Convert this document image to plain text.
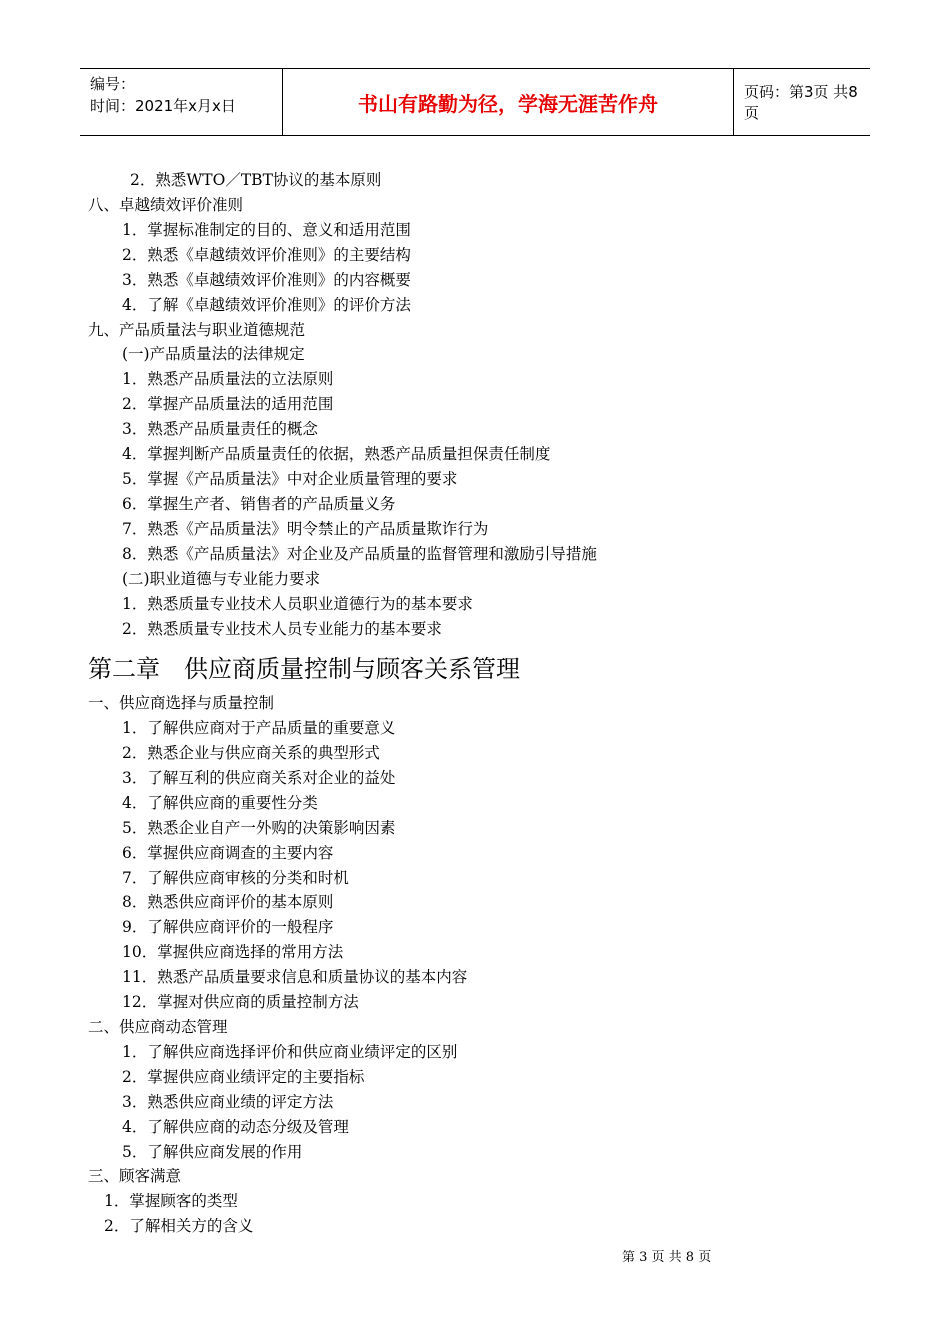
编号：
时间：2021年x月x日	书山有路勤为径，学海无涯苦作舟	页码：第3页 共8页
2．熟悉WTO／TBT协议的基本原则
八、卓越绩效评价准则
1．掌握标准制定的目的、意义和适用范围
2．熟悉《卓越绩效评价准则》的主要结构
3．熟悉《卓越绩效评价准则》的内容概要
4．了解《卓越绩效评价准则》的评价方法
九、产品质量法与职业道德规范
(一)产品质量法的法律规定
1．熟悉产品质量法的立法原则
2．掌握产品质量法的适用范围
3．熟悉产品质量责任的概念
4．掌握判断产品质量责任的依据，熟悉产品质量担保责任制度
5．掌握《产品质量法》中对企业质量管理的要求
6．掌握生产者、销售者的产品质量义务
7．熟悉《产品质量法》明令禁止的产品质量欺诈行为
8．熟悉《产品质量法》对企业及产品质量的监督管理和激励引导措施
(二)职业道德与专业能力要求
1．熟悉质量专业技术人员职业道德行为的基本要求
2．熟悉质量专业技术人员专业能力的基本要求
第二章　供应商质量控制与顾客关系管理
一、供应商选择与质量控制
1．了解供应商对于产品质量的重要意义
2．熟悉企业与供应商关系的典型形式
3．了解互利的供应商关系对企业的益处
4．了解供应商的重要性分类
5．熟悉企业自产一外购的决策影响因素
6．掌握供应商调查的主要内容
7．了解供应商审核的分类和时机
8．熟悉供应商评价的基本原则
9．了解供应商评价的一般程序
10．掌握供应商选择的常用方法
11．熟悉产品质量要求信息和质量协议的基本内容
12．掌握对供应商的质量控制方法
二、供应商动态管理
1．了解供应商选择评价和供应商业绩评定的区别
2．掌握供应商业绩评定的主要指标
3．熟悉供应商业绩的评定方法
4．了解供应商的动态分级及管理
5．了解供应商发展的作用
三、顾客满意
1．掌握顾客的类型
2．了解相关方的含义
第 3 页 共 8 页
